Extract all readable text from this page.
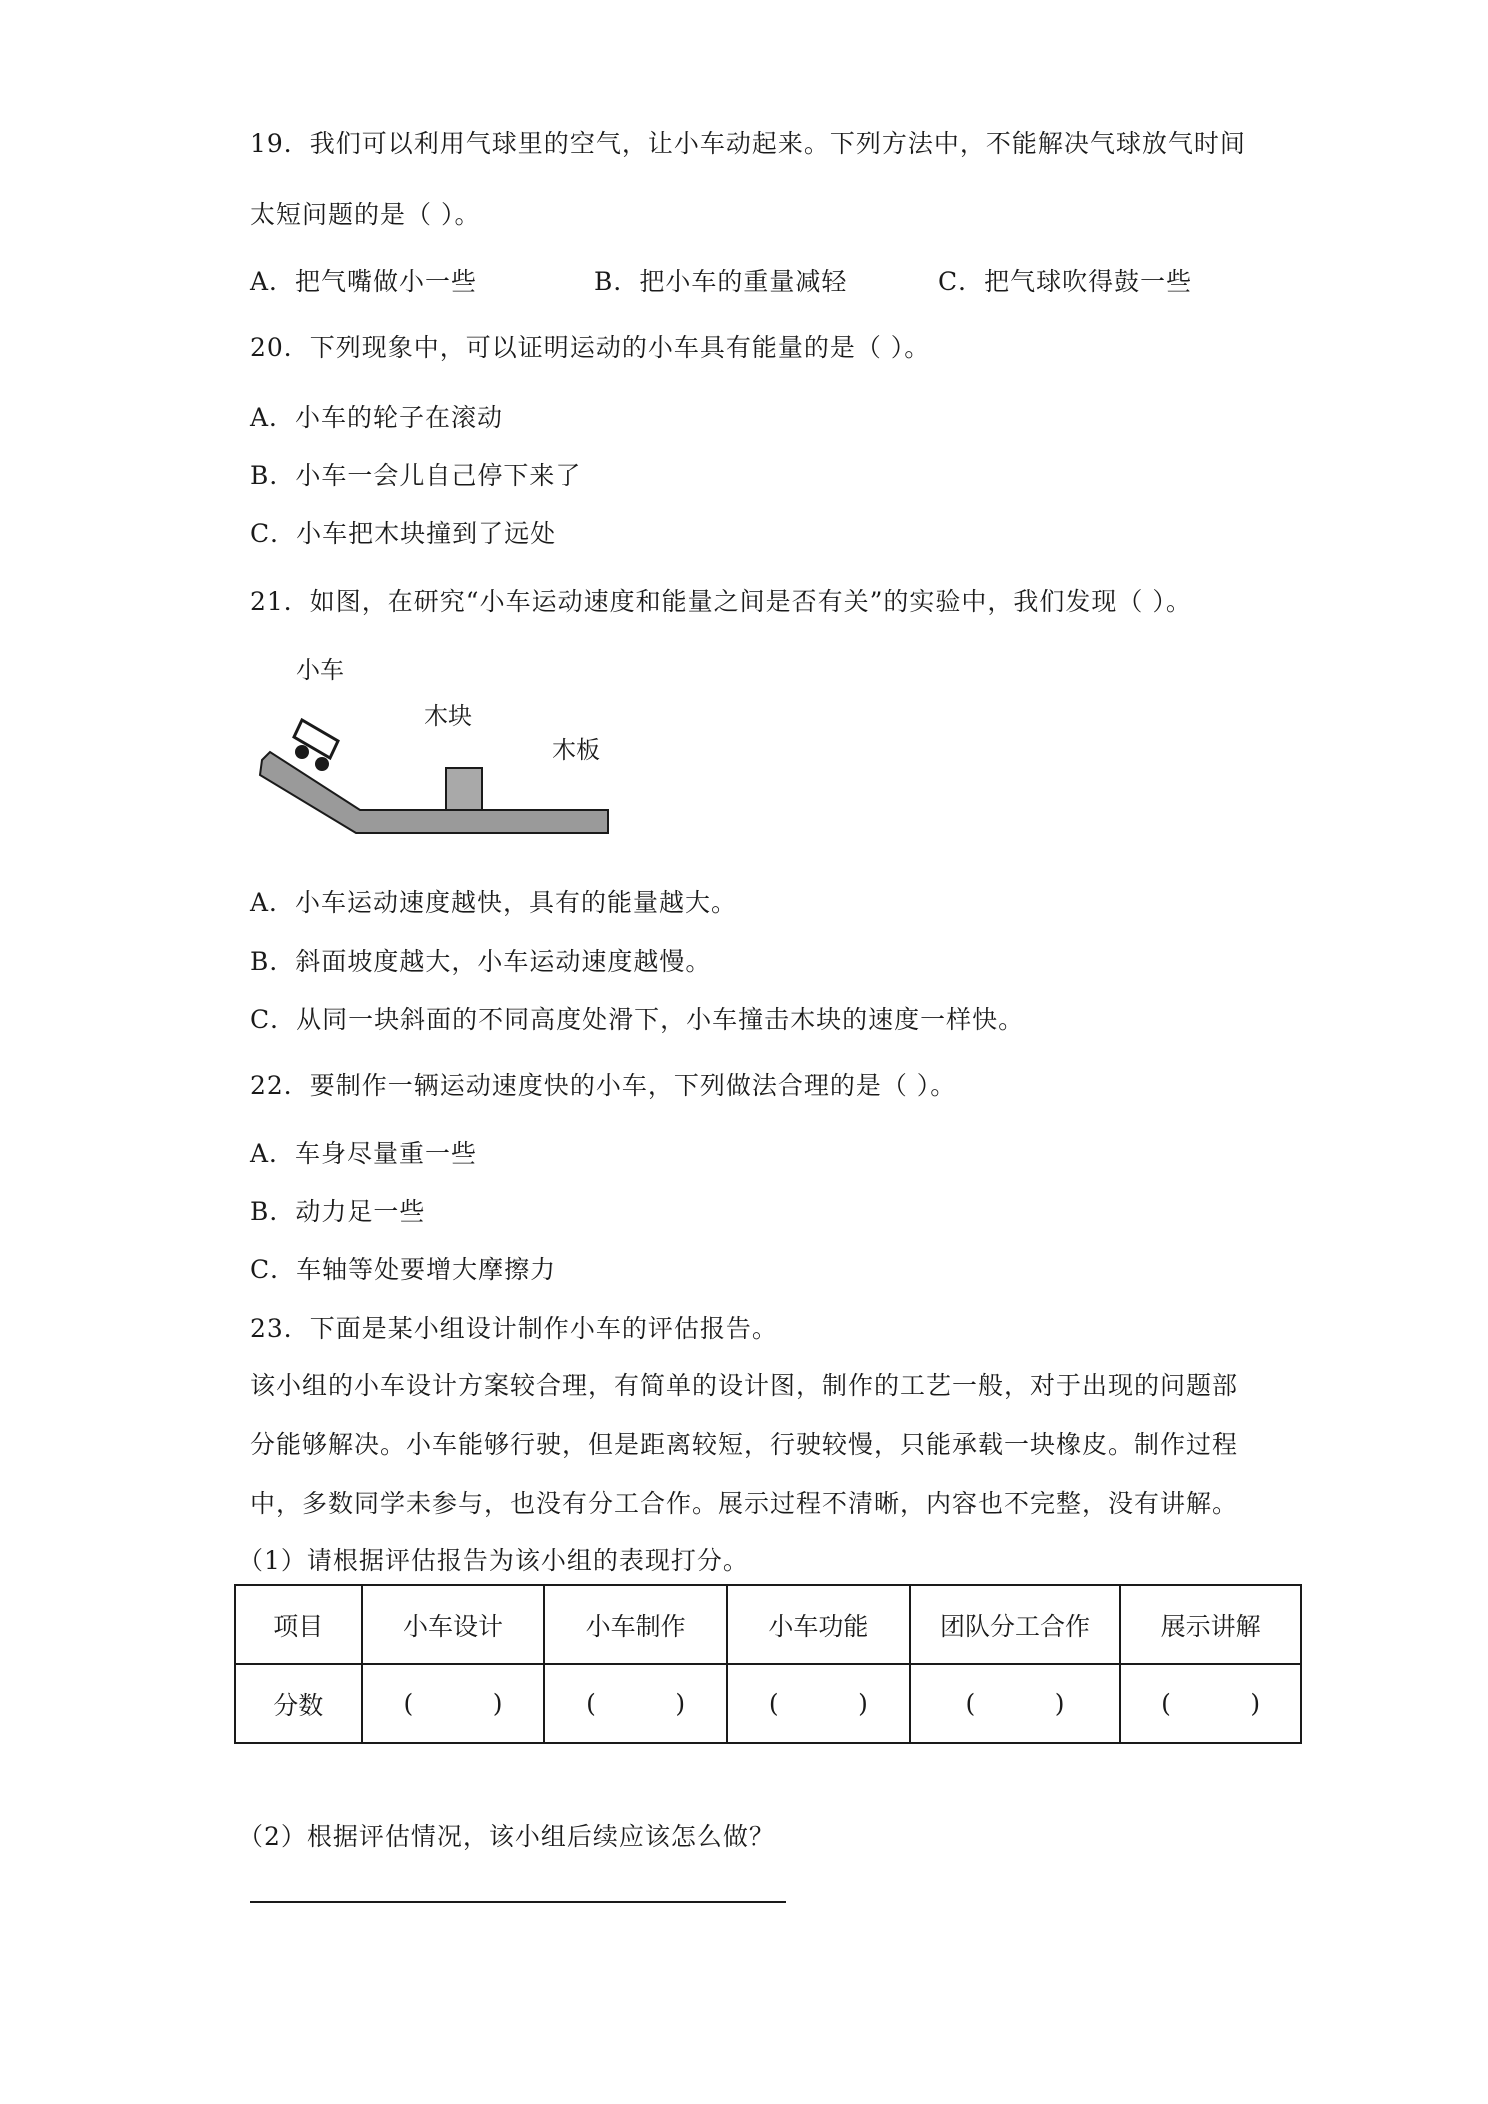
19．我们可以利用气球里的空气，让小车动起来。下列方法中，不能解决气球放气时间
太短问题的是（ ）。
A．把气嘴做小一些	B．把小车的重量减轻	C．把气球吹得鼓一些
20．下列现象中，可以证明运动的小车具有能量的是（ ）。
A．小车的轮子在滚动
B．小车一会儿自己停下来了
C．小车把木块撞到了远处
21．如图，在研究“小车运动速度和能量之间是否有关”的实验中，我们发现（ ）。
小车
木块
木板
A．小车运动速度越快，具有的能量越大。
B．斜面坡度越大，小车运动速度越慢。
C．从同一块斜面的不同高度处滑下，小车撞击木块的速度一样快。
22．要制作一辆运动速度快的小车，下列做法合理的是（ ）。
A．车身尽量重一些
B．动力足一些
C．车轴等处要增大摩擦力
23．下面是某小组设计制作小车的评估报告。
该小组的小车设计方案较合理，有简单的设计图，制作的工艺一般，对于出现的问题部
分能够解决。小车能够行驶，但是距离较短，行驶较慢，只能承载一块橡皮。制作过程
中，多数同学未参与，也没有分工合作。展示过程不清晰，内容也不完整，没有讲解。
（1）请根据评估报告为该小组的表现打分。
项目	小车设计	小车制作	小车功能	团队分工合作	展示讲解
分数	(          )	(          )	(          )	(          )	(          )
（2）根据评估情况，该小组后续应该怎么做？
